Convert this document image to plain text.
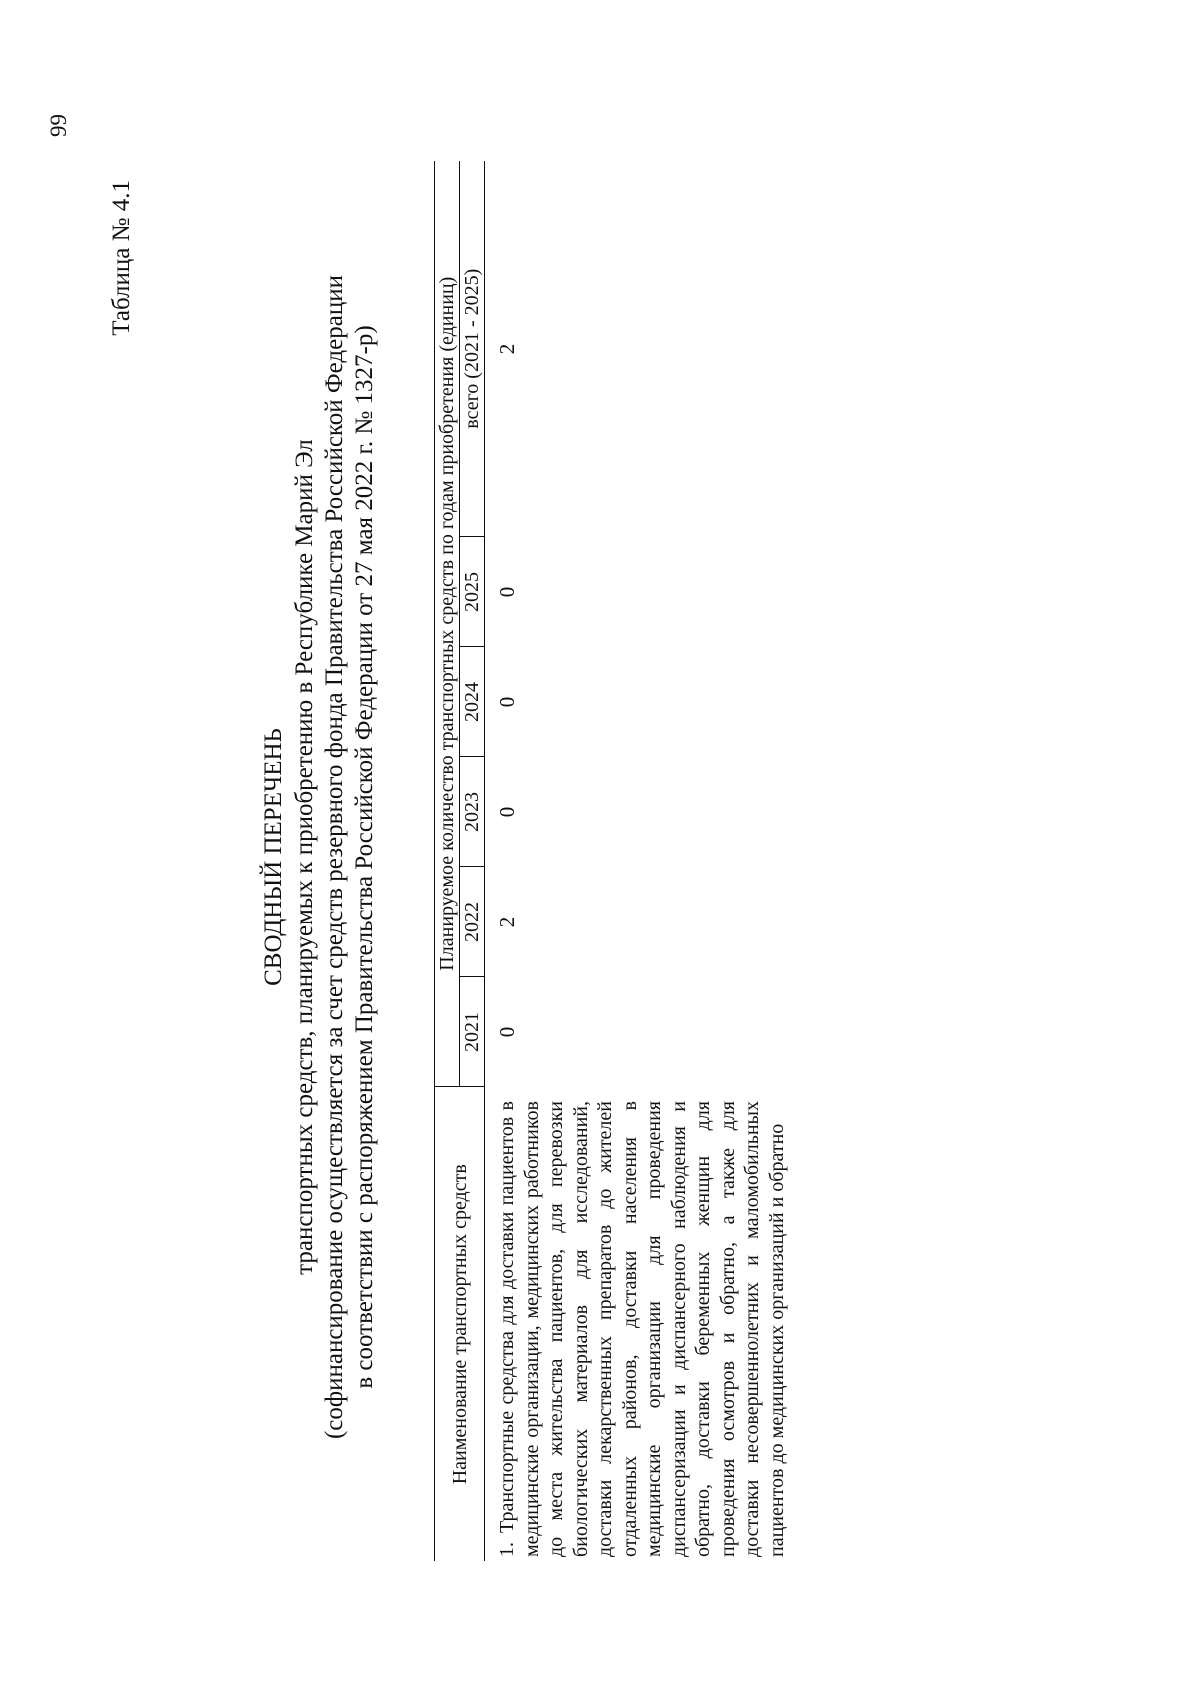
99
Таблица № 4.1
СВОДНЫЙ ПЕРЕЧЕНЬ транспортных средств, планируемых к приобретению в Республике Марий Эл (софинансирование осуществляется за счет средств резервного фонда Правительства Российской Федерации в соответствии с распоряжением Правительства Российской Федерации от 27 мая 2022 г. № 1327-р)	Наименование транспортных средств	Планируемое количество транспортных средств по годам приобретения (единиц)					
	2021	2022	2023	2024	2025	всего (2021 - 2025)
1.Транспортные средства для доставки пациентов в медицинские организации, медицинских работников до места жительства пациентов, для перевозки биологических материалов для исследований, доставки лекарственных препаратов до жителей отдаленных районов, доставки населения в медицинские организации для проведения диспансеризации и диспансерного наблюдения и обратно, доставки беременных женщин для проведения осмотров и обратно, а также для доставки несовершеннолетних и маломобильных пациентов до медицинских организаций и обратно	0	2	0	0	0	2
